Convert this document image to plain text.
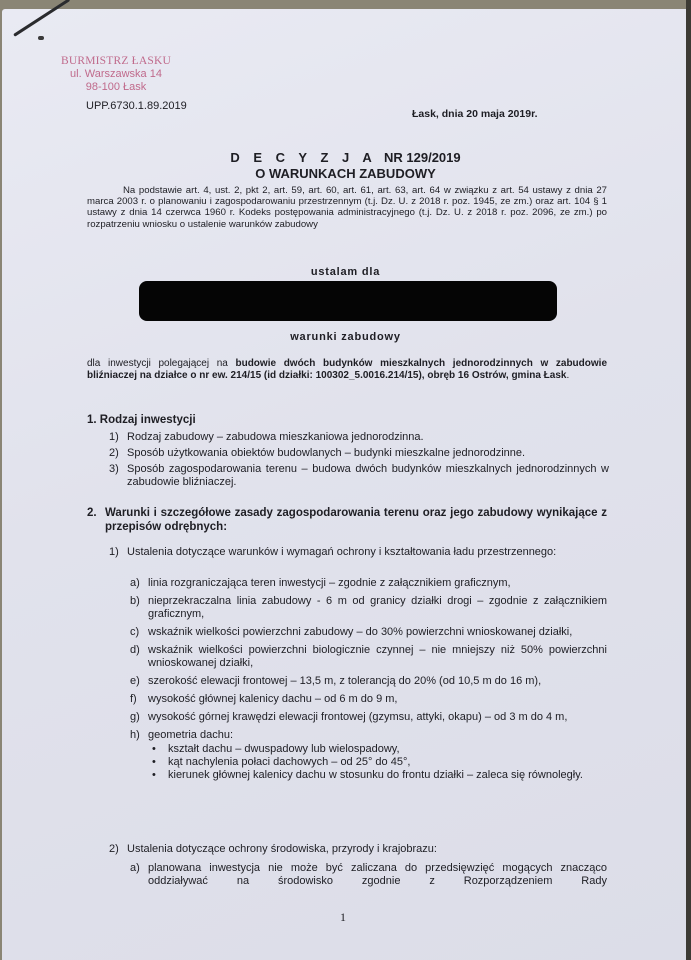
BURMISTRZ ŁASKU
ul. Warszawska 14
98-100 Łask
UPP.6730.1.89.2019
Łask, dnia 20 maja 2019r.
D E C Y Z J A NR 129/2019
O WARUNKACH ZABUDOWY
Na podstawie art. 4, ust. 2, pkt 2, art. 59, art. 60, art. 61, art. 63, art. 64 w związku z art. 54 ustawy z dnia 27 marca 2003 r. o planowaniu i zagospodarowaniu przestrzennym (t.j. Dz. U. z 2018 r. poz. 1945, ze zm.) oraz art. 104 § 1 ustawy z dnia 14 czerwca 1960 r. Kodeks postępowania administracyjnego (t.j. Dz. U. z 2018 r. poz. 2096, ze zm.) po rozpatrzeniu wniosku o ustalenie warunków zabudowy
ustalam dla
warunki zabudowy
dla inwestycji polegającej na budowie dwóch budynków mieszkalnych jednorodzinnych w zabudowie bliźniaczej na działce o nr ew. 214/15 (id działki: 100302_5.0016.214/15), obręb 16 Ostrów, gmina Łask.
1. Rodzaj inwestycji
1) Rodzaj zabudowy – zabudowa mieszkaniowa jednorodzinna.
2) Sposób użytkowania obiektów budowlanych – budynki mieszkalne jednorodzinne.
3) Sposób zagospodarowania terenu – budowa dwóch budynków mieszkalnych jednorodzinnych w zabudowie bliźniaczej.
2. Warunki i szczegółowe zasady zagospodarowania terenu oraz jego zabudowy wynikające z przepisów odrębnych:
1) Ustalenia dotyczące warunków i wymagań ochrony i kształtowania ładu przestrzennego:
a) linia rozgraniczająca teren inwestycji – zgodnie z załącznikiem graficznym,
b) nieprzekraczalna linia zabudowy - 6 m od granicy działki drogi – zgodnie z załącznikiem graficznym,
c) wskaźnik wielkości powierzchni zabudowy – do 30% powierzchni wnioskowanej działki,
d) wskaźnik wielkości powierzchni biologicznie czynnej – nie mniejszy niż 50% powierzchni wnioskowanej działki,
e) szerokość elewacji frontowej – 13,5 m, z tolerancją do 20% (od 10,5 m do 16 m),
f)	wysokość głównej kalenicy dachu – od 6 m do 9 m,
g) wysokość górnej krawędzi elewacji frontowej (gzymsu, attyki, okapu) – od 3 m do 4 m,
h) geometria dachu:
•	kształt dachu – dwuspadowy lub wielospadowy,
•	kąt nachylenia połaci dachowych – od 25° do 45°,
•	kierunek głównej kalenicy dachu w stosunku do frontu działki – zaleca się równoległy.
2) Ustalenia dotyczące ochrony środowiska, przyrody i krajobrazu:
a) planowana inwestycja nie może być zaliczana do przedsięwzięć mogących znacząco oddziaływać na środowisko zgodnie z Rozporządzeniem Rady
1
